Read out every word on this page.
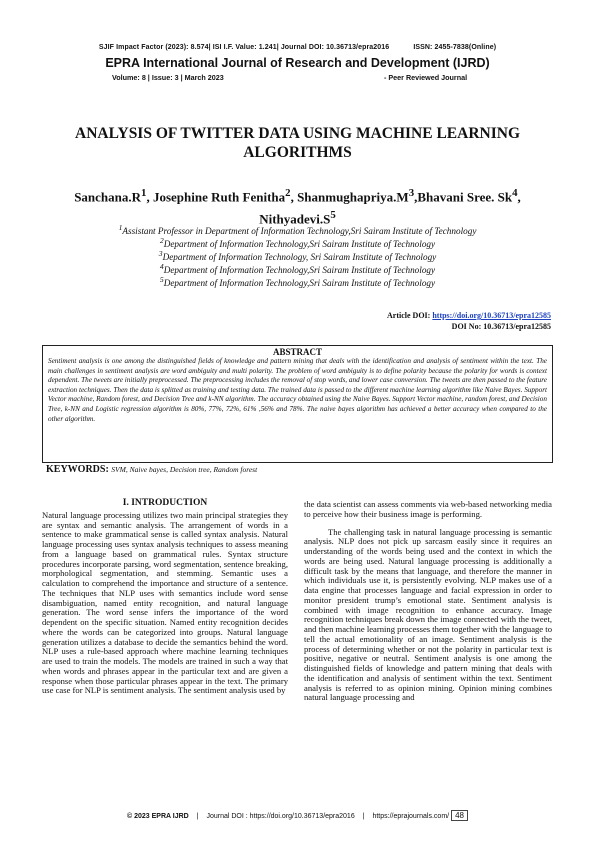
SJIF Impact Factor (2023): 8.574| ISI I.F. Value: 1.241| Journal DOI: 10.36713/epra2016	ISSN: 2455-7838(Online)
EPRA International Journal of Research and Development (IJRD)
Volume: 8 | Issue: 3 | March 2023	- Peer Reviewed Journal
ANALYSIS OF TWITTER DATA USING MACHINE LEARNING ALGORITHMS
$Sanchana.R^1$, Josephine Ruth Fenitha$^2$, $Shanmughapriya.M^3,Bhavani$ Sree. Sk$^4$,
$Nithyadevi.S^5$
$^1$Assistant Professor in Department of Information Technology,Sri Sairam Institute of Technology
$^2$Department of Information Technology,Sri Sairam Institute of Technology
$^3$Department of Information Technology, Sri Sairam Institute of Technology
$^4$Department of Information Technology,Sri Sairam Institute of Technology
$^5$Department of Information Technology,Sri Sairam Institute of Technology
Article DOI: https://doi.org/10.36713/epra12585
DOI No: 10.36713/epra12585
ABSTRACT
Sentiment analysis is one among the distinguished fields of knowledge and pattern mining that deals with the identification and analysis of sentiment within the text. The main challenges in sentiment analysis are word ambiguity and multi polarity. The problem of word ambiguity is to define polarity because the polarity for words is context dependent. The tweets are initially preprocessed. The preprocessing includes the removal of stop words, and lower case conversion. The tweets are then passed to the feature extraction techniques. Then the data is splitted as training and testing data. The trained data is passed to the different machine learning algorithm like Naive Bayes. Support Vector machine, Random forest, and Decision Tree and k-NN algorithm. The accuracy obtained using the Naive Bayes. Support Vector machine, random forest, and Decision Tree, k-NN and Logistic regression algorithm is 80%, 77%, 72%, 61% ,56% and 78%. The naive bayes algorithm has achieved a better accuracy when compared to the other algorithm.
KEYWORDS: SVM, Naive bayes, Decision tree, Random forest
I. INTRODUCTION

Natural language processing utilizes two main principal strategies they are syntax and semantic analysis. The arrangement of words in a sentence to make grammatical sense is called syntax analysis. Natural language processing uses syntax analysis techniques to assess meaning from a language based on grammatical rules. Syntax structure procedures incorporate parsing, word segmentation, sentence breaking, morphological segmentation, and stemming. Semantic uses a calculation to comprehend the importance and structure of a sentence. The techniques that NLP uses with semantics include word sense disambiguation, named entity recognition, and natural language generation. The word sense infers the importance of the word dependent on the specific situation. Named entity recognition decides where the words can be categorized into groups. Natural language generation utilizes a database to decide the semantics behind the word. NLP uses a rule-based approach where machine learning techniques are used to train the models. The models are trained in such a way that when words and phrases appear in the particular text and are given a response when those particular phrases appear in the text. The primary use case for NLP is sentiment analysis. The sentiment analysis used by

the data scientist can assess comments via web-based networking media to perceive how their business image is performing.

The challenging task in natural language processing is semantic analysis. NLP does not pick up sarcasm easily since it requires an understanding of the words being used and the context in which the words are being used. Natural language processing is additionally a difficult task by the means that language, and therefore the manner in which individuals use it, is persistently evolving. NLP makes use of a data engine that processes language and facial expression in order to monitor president trump’s emotional state. Sentiment analysis is combined with image recognition to enhance accuracy. Image recognition techniques break down the image connected with the tweet, and then machine learning processes them together with the language to tell the actual emotionality of an image. Sentiment analysis is the process of determining whether or not the polarity in particular text is positive, negative or neutral. Sentiment analysis is one among the distinguished fields of knowledge and pattern mining that deals with the identification and analysis of sentiment within the text. Sentiment analysis is referred to as opinion mining. Opinion mining combines natural language processing and

© 2023 EPRA IJRD | Journal DOI : https://doi.org/10.36713/epra2016 | https://eprajournals.com/ 48
